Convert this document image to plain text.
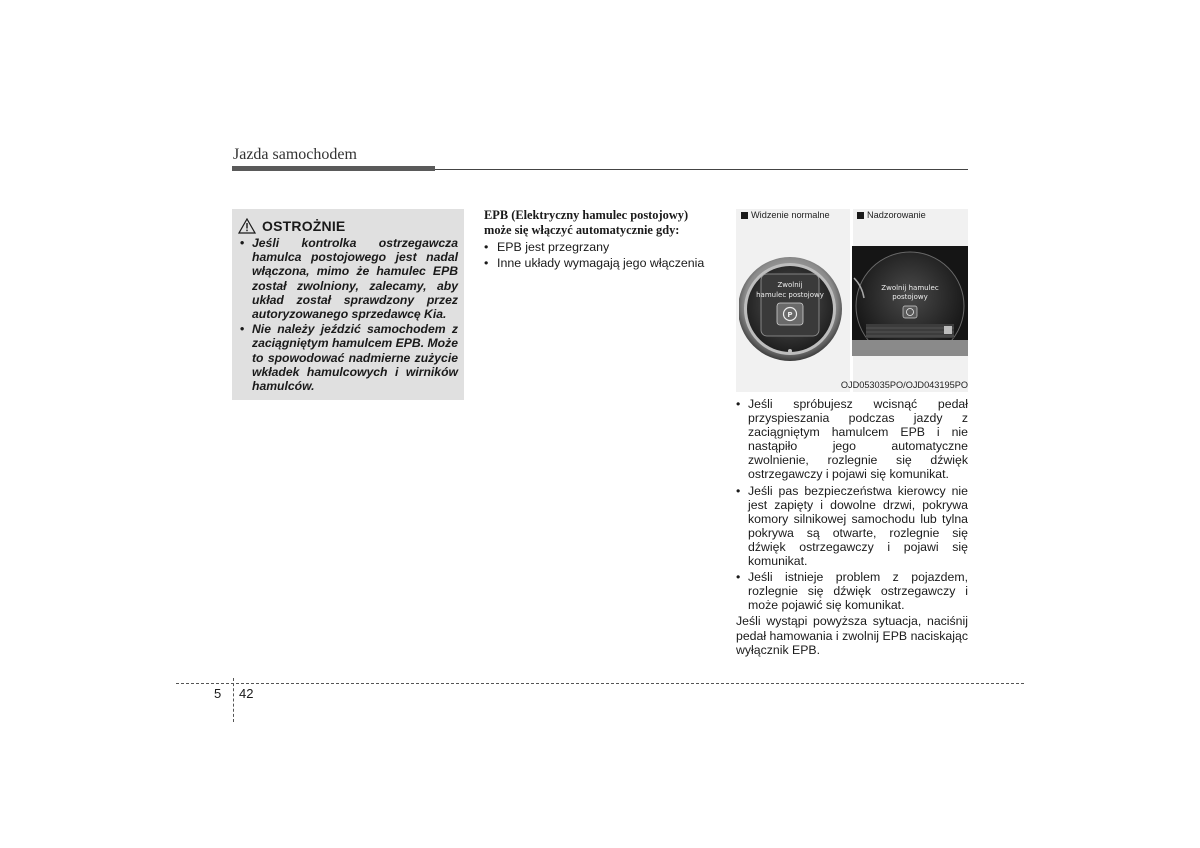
Jazda samochodem
OSTROŻNIE
• Jeśli kontrolka ostrzegawcza hamulca postojowego jest nadal włączona, mimo że hamulec EPB został zwolniony, zalecamy, aby układ został sprawdzony przez autoryzowanego sprzedawcę Kia.
• Nie należy jeździć samochodem z zaciągniętym hamulcem EPB. Może to spowodować nadmierne zużycie wkładek hamulcowych i wirników hamulców.
EPB (Elektryczny hamulec postojowy)
może się włączyć automatycznie gdy:
• EPB jest przegrzany
• Inne układy wymagają jego włączenia
Widzenie normalne	Nadzorowanie
Zwolnij
hamulec postojowy
P
Zwolnij hamulec
postojowy
OJD053035PO/OJD043195PO
• Jeśli spróbujesz wcisnąć pedał przyspieszania podczas jazdy z zaciągniętym hamulcem EPB i nie nastąpiło jego automatyczne zwolnienie, rozlegnie się dźwięk ostrzegawczy i pojawi się komunikat.
• Jeśli pas bezpieczeństwa kierowcy nie jest zapięty i dowolne drzwi, pokrywa komory silnikowej samochodu lub tylna pokrywa są otwarte, rozlegnie się dźwięk ostrzegawczy i pojawi się komunikat.
• Jeśli istnieje problem z pojazdem, rozlegnie się dźwięk ostrzegawczy i może pojawić się komunikat.

Jeśli wystąpi powyższa sytuacja, naciśnij pedał hamowania i zwolnij EPB naciskając wyłącznik EPB.

5 42
